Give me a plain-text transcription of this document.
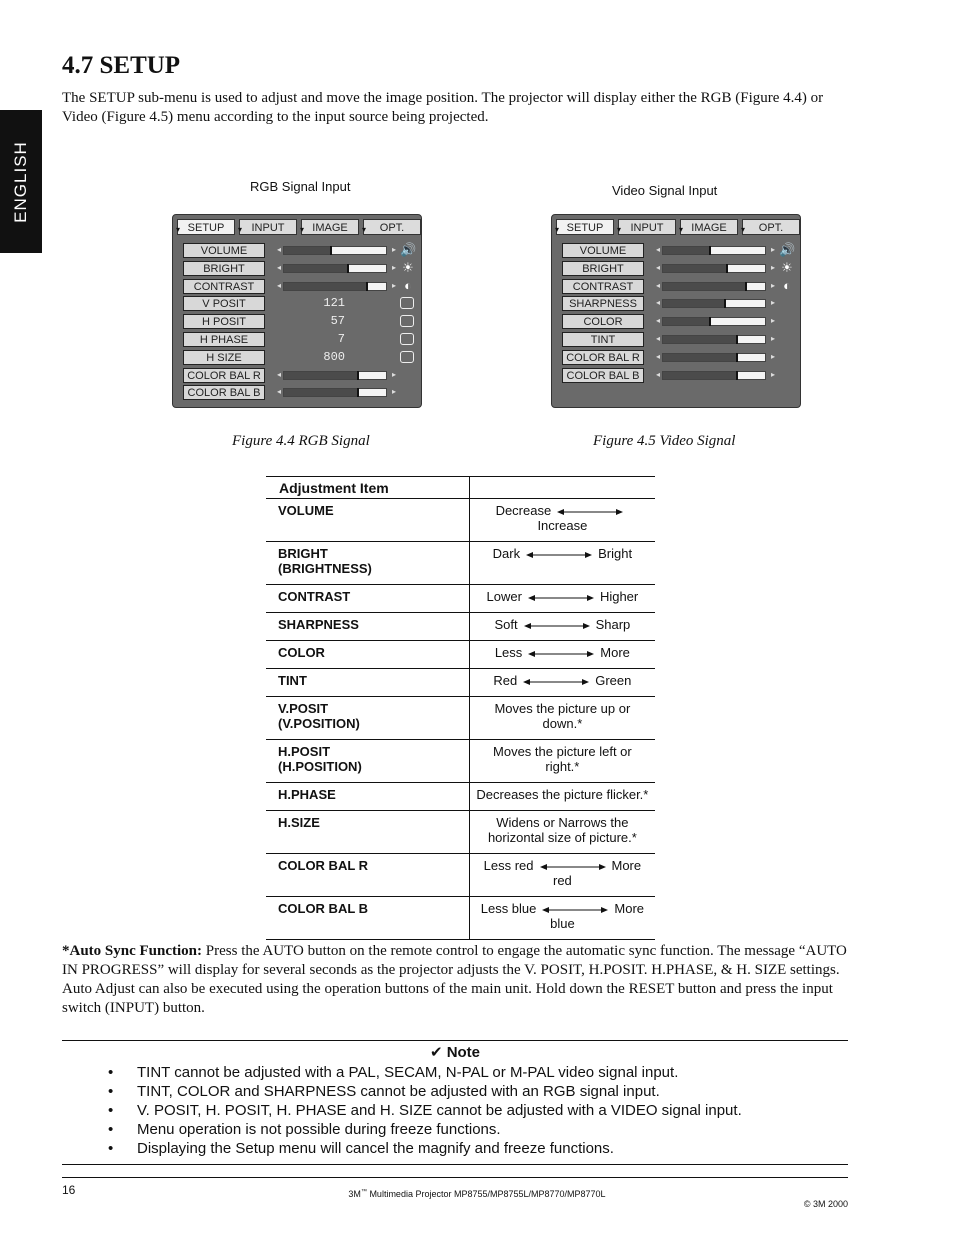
ENGLISH
4.7 SETUP

The SETUP sub-menu is used to adjust and move the image position. The projector will display either the RGB (Figure 4.4) or Video (Figure 4.5) menu according to the input source being projected.

RGB Signal Input	Video Signal Input
▾ SETUP	▾ INPUT	▾ IMAGE	▾ OPT.
VOLUME	◂	▸ 🔊
BRIGHT	◂	▸ ☀
CONTRAST	◂	▸ ◐
V POSIT	121
H POSIT	57
H PHASE	7
H SIZE	800
COLOR BAL R	◂	▸
COLOR BAL B	◂	▸
▾ SETUP	▾ INPUT	▾ IMAGE	▾ OPT.
VOLUME	◂	▸ 🔊
BRIGHT	◂	▸ ☀
CONTRAST	◂	▸ ◐
SHARPNESS	◂	▸
COLOR	◂	▸
TINT	◂	▸
COLOR BAL R	◂	▸
COLOR BAL B	◂	▸
Figure 4.4 RGB Signal	Figure 4.5 Video Signal
Adjustment Item	
VOLUME	DecreaseIncrease
BRIGHT
(BRIGHTNESS)	Dark Bright
CONTRAST	Lower Higher
SHARPNESS	Soft Sharp
COLOR	Less More
TINT	Red Green
V.POSIT
(V.POSITION)	Moves the picture up or down.*
H.POSIT
(H.POSITION)	Moves the picture left or right.*
H.PHASE	Decreases the picture flicker.*
H.SIZE	Widens or Narrows the horizontal size of picture.*
COLOR BAL R	Less red More red
COLOR BAL B	Less blue More blue

*Auto Sync Function: Press the AUTO button on the remote control to engage the automatic sync function. The message “AUTO IN PROGRESS” will display for several seconds as the projector adjusts the V. POSIT, H.POSIT. H.PHASE, & H. SIZE settings. Auto Adjust can also be executed using the operation buttons of the main unit. Hold down the RESET button and press the input switch (INPUT) button.

✔ Note
• TINT cannot be adjusted with a PAL, SECAM, N-PAL or M-PAL video signal input.
• TINT, COLOR and SHARPNESS cannot be adjusted with an RGB signal input.
• V. POSIT, H. POSIT, H. PHASE and H. SIZE cannot be adjusted with a VIDEO signal input.
• Menu operation is not possible during freeze functions.
• Displaying the Setup menu will cancel the magnify and freeze functions.
16	3M™ Multimedia Projector MP8755/MP8755L/MP8770/MP8770L
© 3M 2000
